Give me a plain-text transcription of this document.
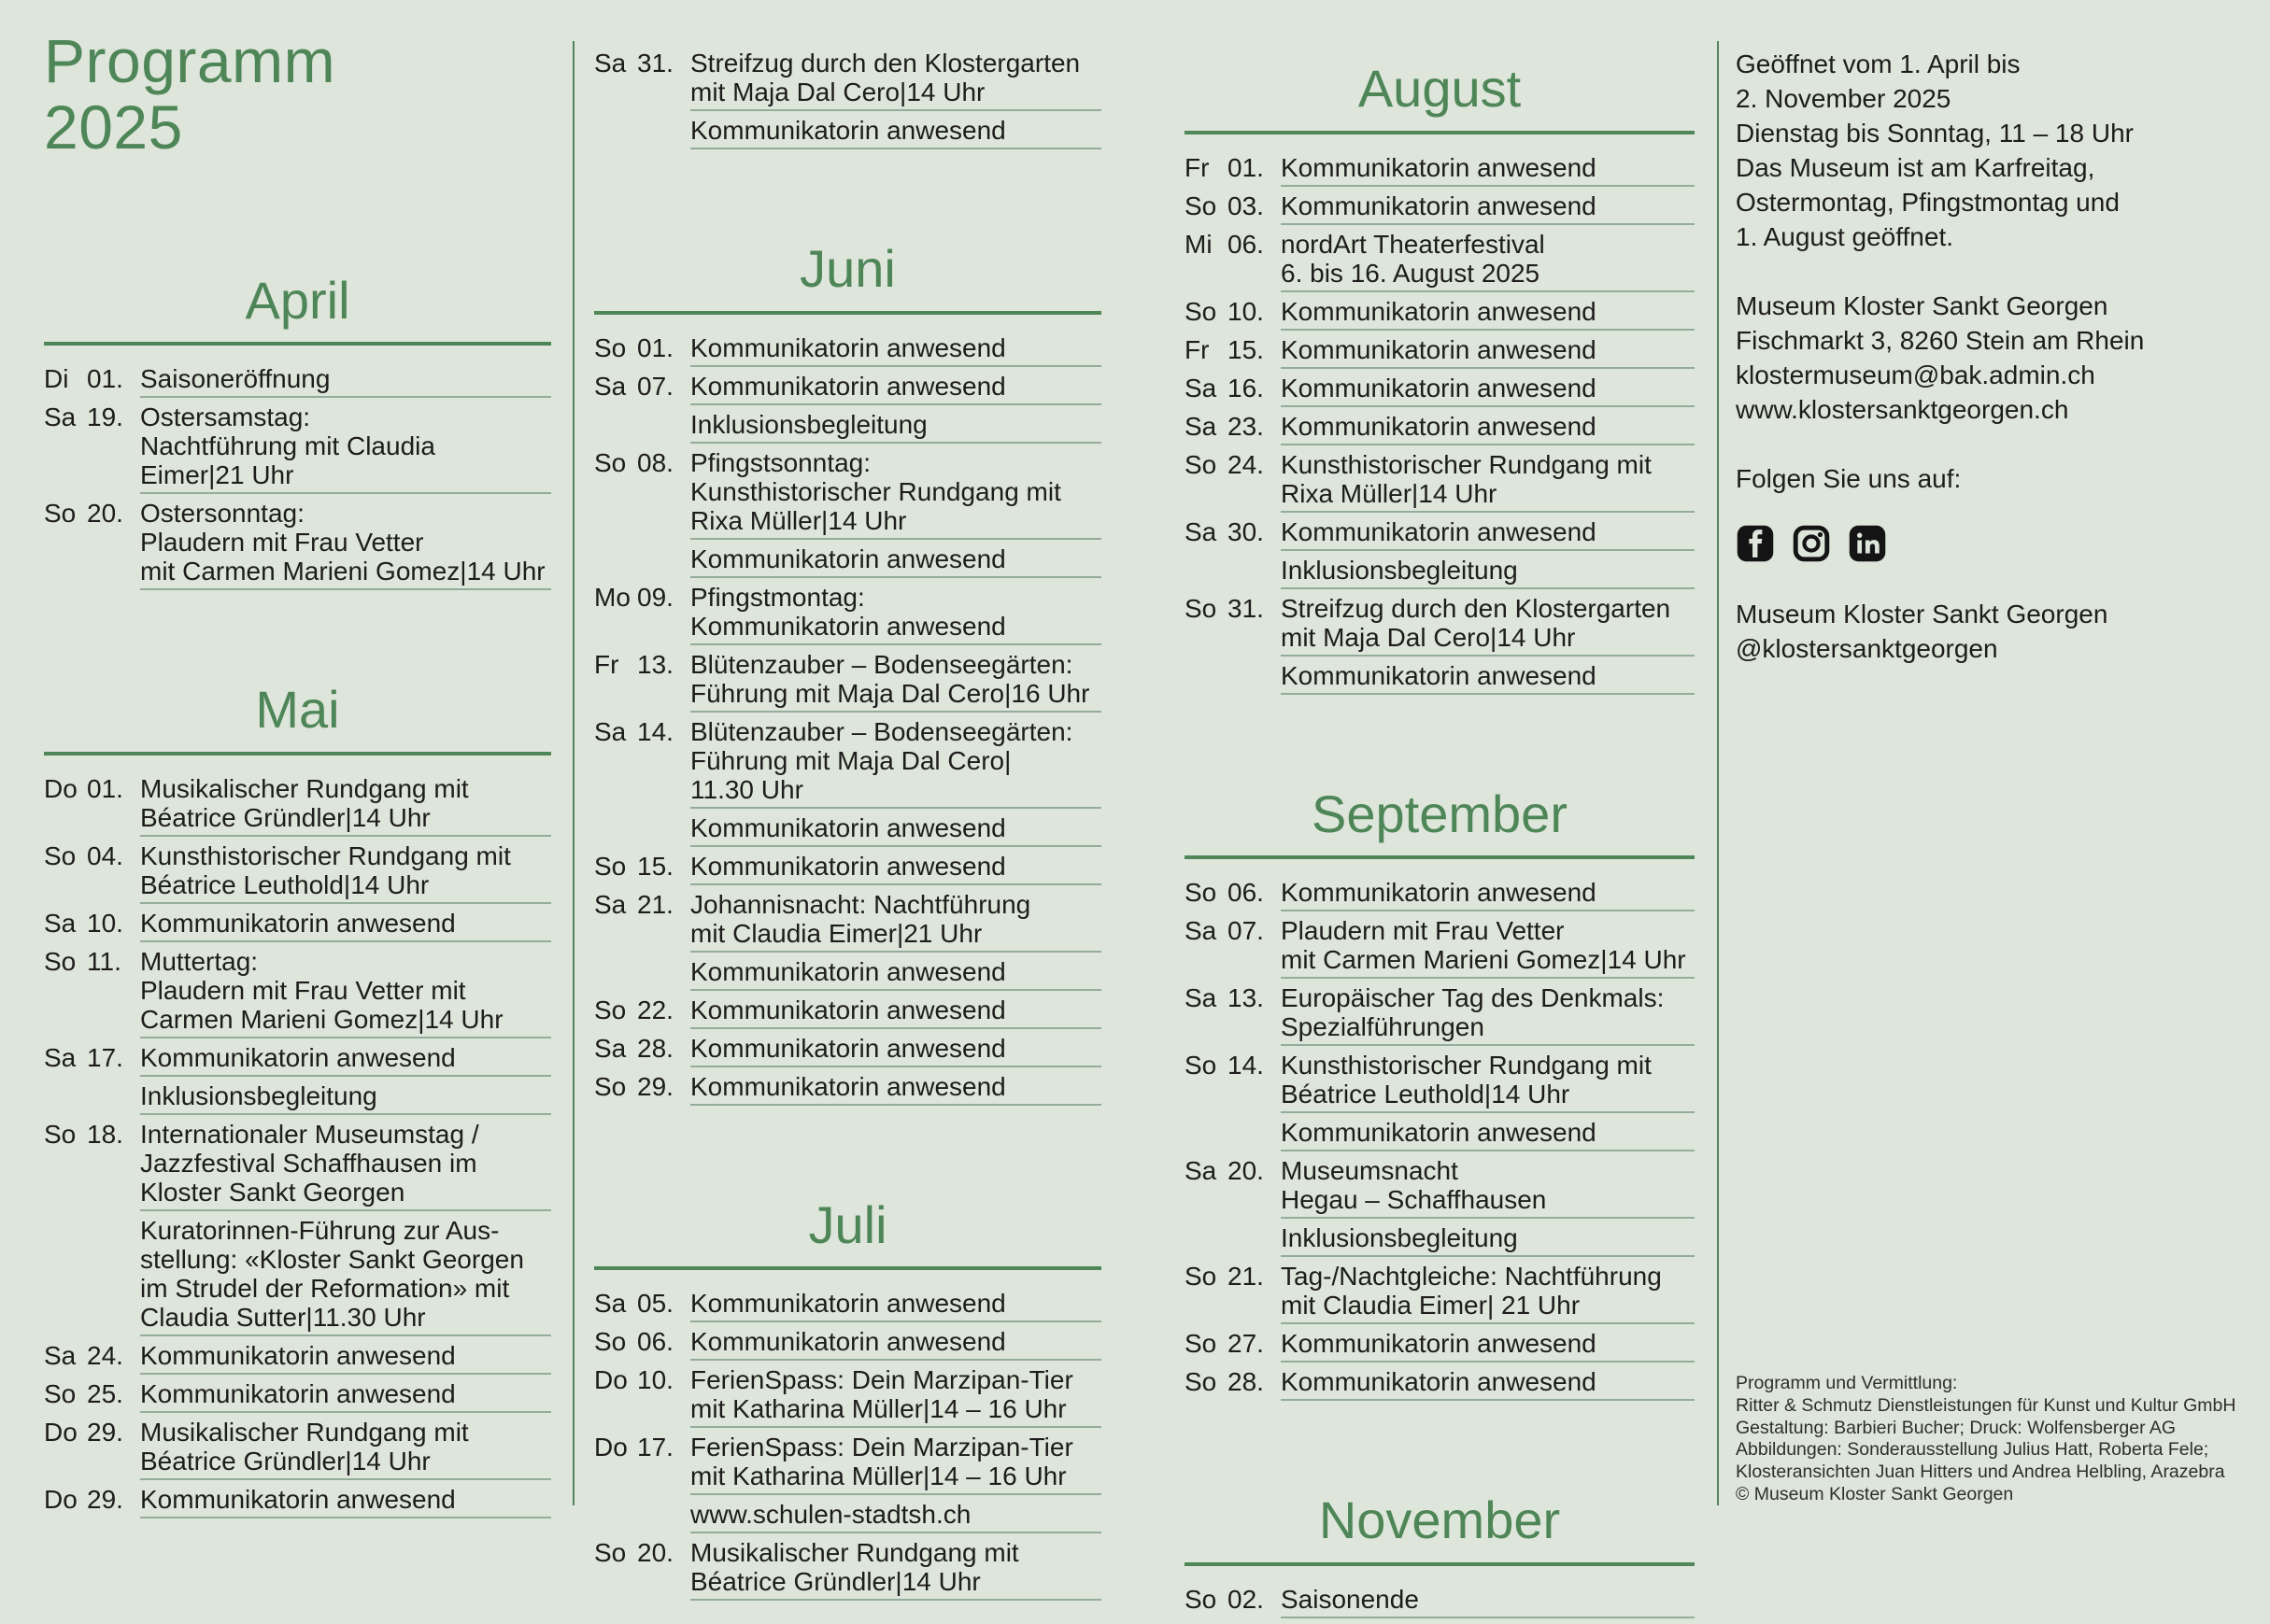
Programm
2025
April
Di 01. Saisoneröffnung
Sa 19. Ostersamstag:
Nachtführung mit Claudia
Eimer|21 Uhr
So 20. Ostersonntag:
Plaudern mit Frau Vetter
mit Carmen Marieni Gomez|14 Uhr
Mai
Do 01. Musikalischer Rundgang mit
Béatrice Gründler|14 Uhr
So 04. Kunsthistorischer Rundgang mit
Béatrice Leuthold|14 Uhr
Sa 10. Kommunikatorin anwesend
So 11. Muttertag:
Plaudern mit Frau Vetter mit
Carmen Marieni Gomez|14 Uhr
Sa 17. Kommunikatorin anwesend
Inklusionsbegleitung
So 18. Internationaler Museumstag /
Jazzfestival Schaffhausen im
Kloster Sankt Georgen
Kuratorinnen-Führung zur Aus-
stellung: «Kloster Sankt Georgen
im Strudel der Reformation» mit
Claudia Sutter|11.30 Uhr
Sa 24. Kommunikatorin anwesend
So 25. Kommunikatorin anwesend
Do 29. Musikalischer Rundgang mit
Béatrice Gründler|14 Uhr
Do 29. Kommunikatorin anwesend
Sa 31. Streifzug durch den Klostergarten
mit Maja Dal Cero|14 Uhr
Kommunikatorin anwesend
Juni
So 01. Kommunikatorin anwesend
Sa 07. Kommunikatorin anwesend
Inklusionsbegleitung
So 08. Pfingstsonntag:
Kunsthistorischer Rundgang mit
Rixa Müller|14 Uhr
Kommunikatorin anwesend
Mo 09. Pfingstmontag:
Kommunikatorin anwesend
Fr 13. Blütenzauber – Bodenseegärten:
Führung mit Maja Dal Cero|16 Uhr
Sa 14. Blütenzauber – Bodenseegärten:
Führung mit Maja Dal Cero|
11.30 Uhr
Kommunikatorin anwesend
So 15. Kommunikatorin anwesend
Sa 21. Johannisnacht: Nachtführung
mit Claudia Eimer|21 Uhr
Kommunikatorin anwesend
So 22. Kommunikatorin anwesend
Sa 28. Kommunikatorin anwesend
So 29. Kommunikatorin anwesend
Juli
Sa 05. Kommunikatorin anwesend
So 06. Kommunikatorin anwesend
Do 10. FerienSpass: Dein Marzipan-Tier
mit Katharina Müller|14 – 16 Uhr
Do 17. FerienSpass: Dein Marzipan-Tier
mit Katharina Müller|14 – 16 Uhr
www.schulen-stadtsh.ch
So 20. Musikalischer Rundgang mit
Béatrice Gründler|14 Uhr
August
Fr 01. Kommunikatorin anwesend
So 03. Kommunikatorin anwesend
Mi 06. nordArt Theaterfestival
6. bis 16. August 2025
So 10. Kommunikatorin anwesend
Fr 15. Kommunikatorin anwesend
Sa 16. Kommunikatorin anwesend
Sa 23. Kommunikatorin anwesend
So 24. Kunsthistorischer Rundgang mit
Rixa Müller|14 Uhr
Sa 30. Kommunikatorin anwesend
Inklusionsbegleitung
So 31. Streifzug durch den Klostergarten
mit Maja Dal Cero|14 Uhr
Kommunikatorin anwesend
September
So 06. Kommunikatorin anwesend
Sa 07. Plaudern mit Frau Vetter
mit Carmen Marieni Gomez|14 Uhr
Sa 13. Europäischer Tag des Denkmals:
Spezialführungen
So 14. Kunsthistorischer Rundgang mit
Béatrice Leuthold|14 Uhr
Kommunikatorin anwesend
Sa 20. Museumsnacht
Hegau – Schaffhausen
Inklusionsbegleitung
So 21. Tag-/Nachtgleiche: Nachtführung
mit Claudia Eimer| 21 Uhr
So 27. Kommunikatorin anwesend
So 28. Kommunikatorin anwesend
November
So 02. Saisonende
Geöffnet vom 1. April bis
2. November 2025
Dienstag bis Sonntag, 11 – 18 Uhr
Das Museum ist am Karfreitag,
Ostermontag, Pfingstmontag und
1. August geöffnet.
Museum Kloster Sankt Georgen
Fischmarkt 3, 8260 Stein am Rhein
klostermuseum@bak.admin.ch
www.klostersanktgeorgen.ch
Folgen Sie uns auf:
Museum Kloster Sankt Georgen
@klostersanktgeorgen
Programm und Vermittlung:
Ritter & Schmutz Dienstleistungen für Kunst und Kultur GmbH
Gestaltung: Barbieri Bucher; Druck: Wolfensberger AG
Abbildungen: Sonderausstellung Julius Hatt, Roberta Fele;
Klosteransichten Juan Hitters und Andrea Helbling, Arazebra
© Museum Kloster Sankt Georgen
